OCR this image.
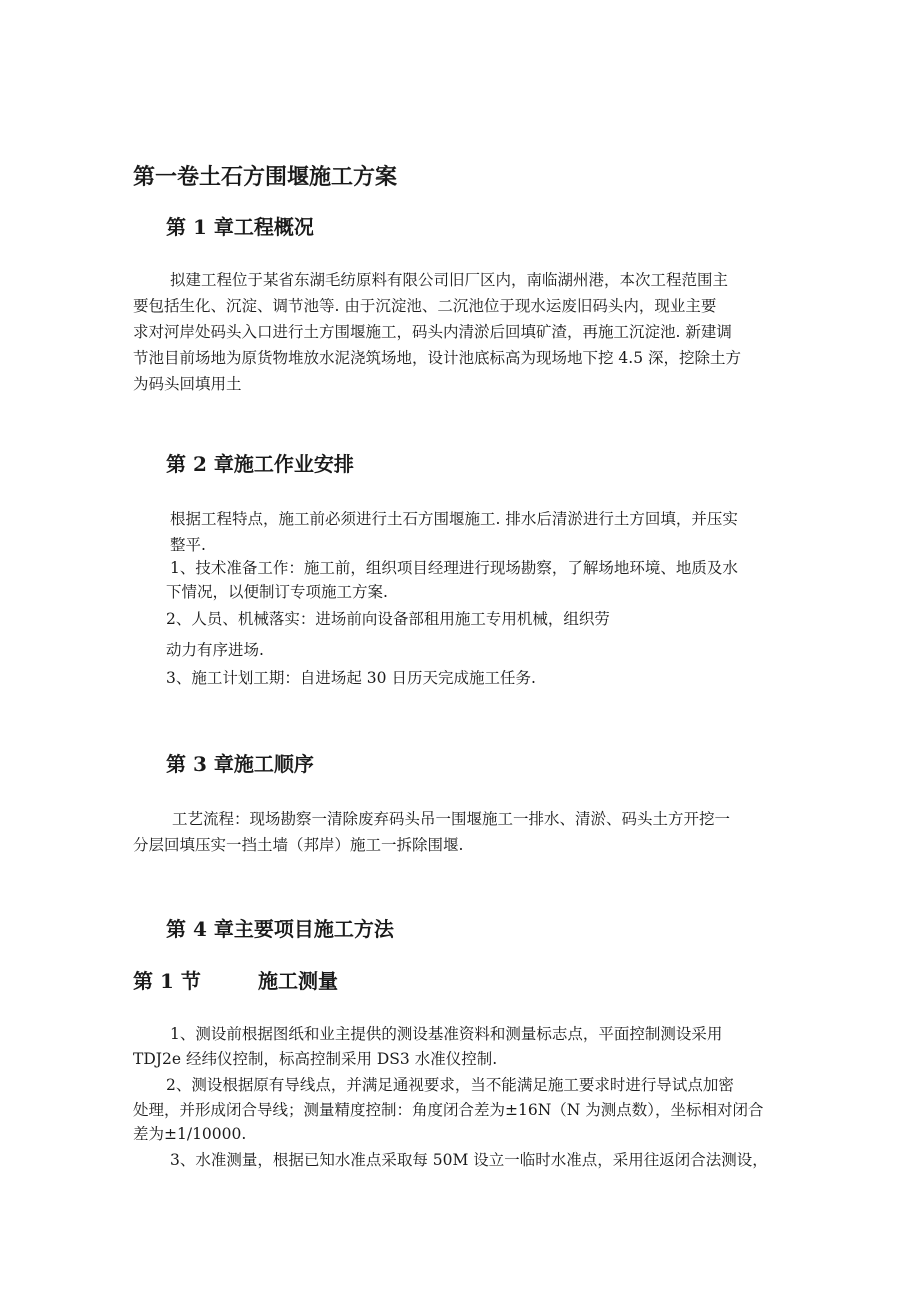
第一卷土石方围堰施工方案
第 1 章工程概况

拟建工程位于某省东湖毛纺原料有限公司旧厂区内，南临湖州港，本次工程范围主

要包括生化、沉淀、调节池等. 由于沉淀池、二沉池位于现水运废旧码头内，现业主要

求对河岸处码头入口进行土方围堰施工，码头内清淤后回填矿渣，再施工沉淀池. 新建调

节池目前场地为原货物堆放水泥浇筑场地，设计池底标高为现场地下挖 4.5 深，挖除土方

为码头回填用土

第 2 章施工作业安排

根据工程特点，施工前必须进行土石方围堰施工. 排水后清淤进行土方回填，并压实

整平.

1、技术准备工作：施工前，组织项目经理进行现场勘察，了解场地环境、地质及水

下情况，以便制订专项施工方案.

2、人员、机械落实：进场前向设备部租用施工专用机械，组织劳

动力有序进场.

3、施工计划工期：自进场起 30 日历天完成施工任务.

第 3 章施工顺序

工艺流程：现场勘察一清除废弃码头吊一围堰施工一排水、清淤、码头土方开挖一

分层回填压实一挡土墙（邦岸）施工一拆除围堰.

第 4 章主要项目施工方法
第 1 节	施工测量

1、测设前根据图纸和业主提供的测设基准资料和测量标志点，平面控制测设采用

TDJ2e 经纬仪控制，标高控制采用 DS3 水准仪控制.

2、测设根据原有导线点，并满足通视要求，当不能满足施工要求时进行导试点加密

处理，并形成闭合导线；测量精度控制：角度闭合差为±16N（N 为测点数），坐标相对闭合

差为±1/10000.

3、水准测量，根据已知水准点采取每 50M 设立一临时水准点，采用往返闭合法测设，
